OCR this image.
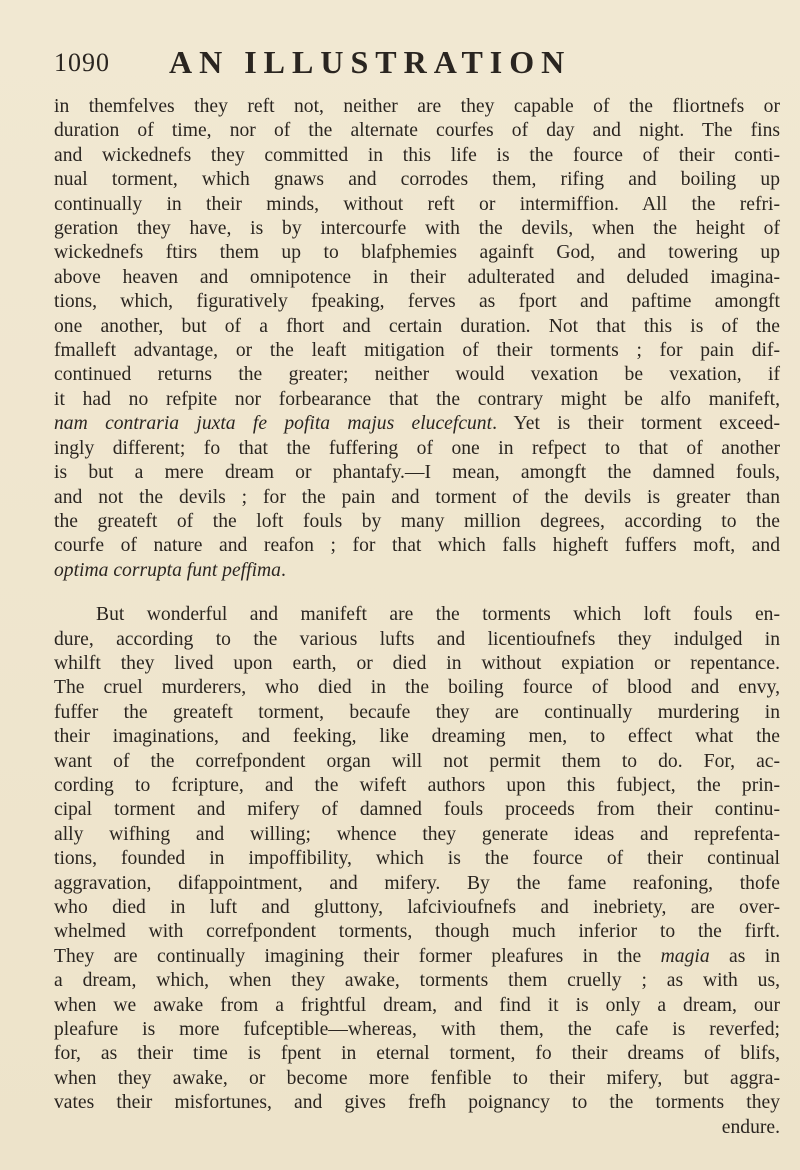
1090 AN ILLUSTRATION

in themfelves they reft not, neither are they capable of the fliortnefs or
duration of time, nor of the alternate courfes of day and night. The fins
and wickednefs they committed in this life is the fource of their conti-
nual torment, which gnaws and corrodes them, rifing and boiling up
continually in their minds, without reft or intermiffion. All the refri-
geration they have, is by intercourfe with the devils, when the height of
wickednefs ftirs them up to blafphemies againft God, and towering up
above heaven and omnipotence in their adulterated and deluded imagina-
tions, which, figuratively fpeaking, ferves as fport and paftime amongft
one another, but of a fhort and certain duration. Not that this is of the
fmalleft advantage, or the leaft mitigation of their torments ; for pain dif-
continued returns the greater; neither would vexation be vexation, if
it had no refpite nor forbearance that the contrary might be alfo manifeft,
nam contraria juxta fe pofita majus elucefcunt. Yet is their torment exceed-
ingly different; fo that the fuffering of one in refpect to that of another
is but a mere dream or phantafy.—I mean, amongft the damned fouls,
and not the devils ; for the pain and torment of the devils is greater than
the greateft of the loft fouls by many million degrees, according to the
courfe of nature and reafon ; for that which falls higheft fuffers moft, and
optima corrupta funt peffima.

But wonderful and manifeft are the torments which loft fouls en-
dure, according to the various lufts and licentioufnefs they indulged in
whilft they lived upon earth, or died in without expiation or repentance.
The cruel murderers, who died in the boiling fource of blood and envy,
fuffer the greateft torment, becaufe they are continually murdering in
their imaginations, and feeking, like dreaming men, to effect what the
want of the correfpondent organ will not permit them to do. For, ac-
cording to fcripture, and the wifeft authors upon this fubject, the prin-
cipal torment and mifery of damned fouls proceeds from their continu-
ally wifhing and willing; whence they generate ideas and reprefenta-
tions, founded in impoffibility, which is the fource of their continual
aggravation, difappointment, and mifery. By the fame reafoning, thofe
who died in luft and gluttony, lafcivioufnefs and inebriety, are over-
whelmed with correfpondent torments, though much inferior to the firft.
They are continually imagining their former pleafures in the magia as in
a dream, which, when they awake, torments them cruelly ; as with us,
when we awake from a frightful dream, and find it is only a dream, our
pleafure is more fufceptible—whereas, with them, the cafe is reverfed;
for, as their time is fpent in eternal torment, fo their dreams of blifs,
when they awake, or become more fenfible to their mifery, but aggra-
vates their misfortunes, and gives frefh poignancy to the torments they
endure.
